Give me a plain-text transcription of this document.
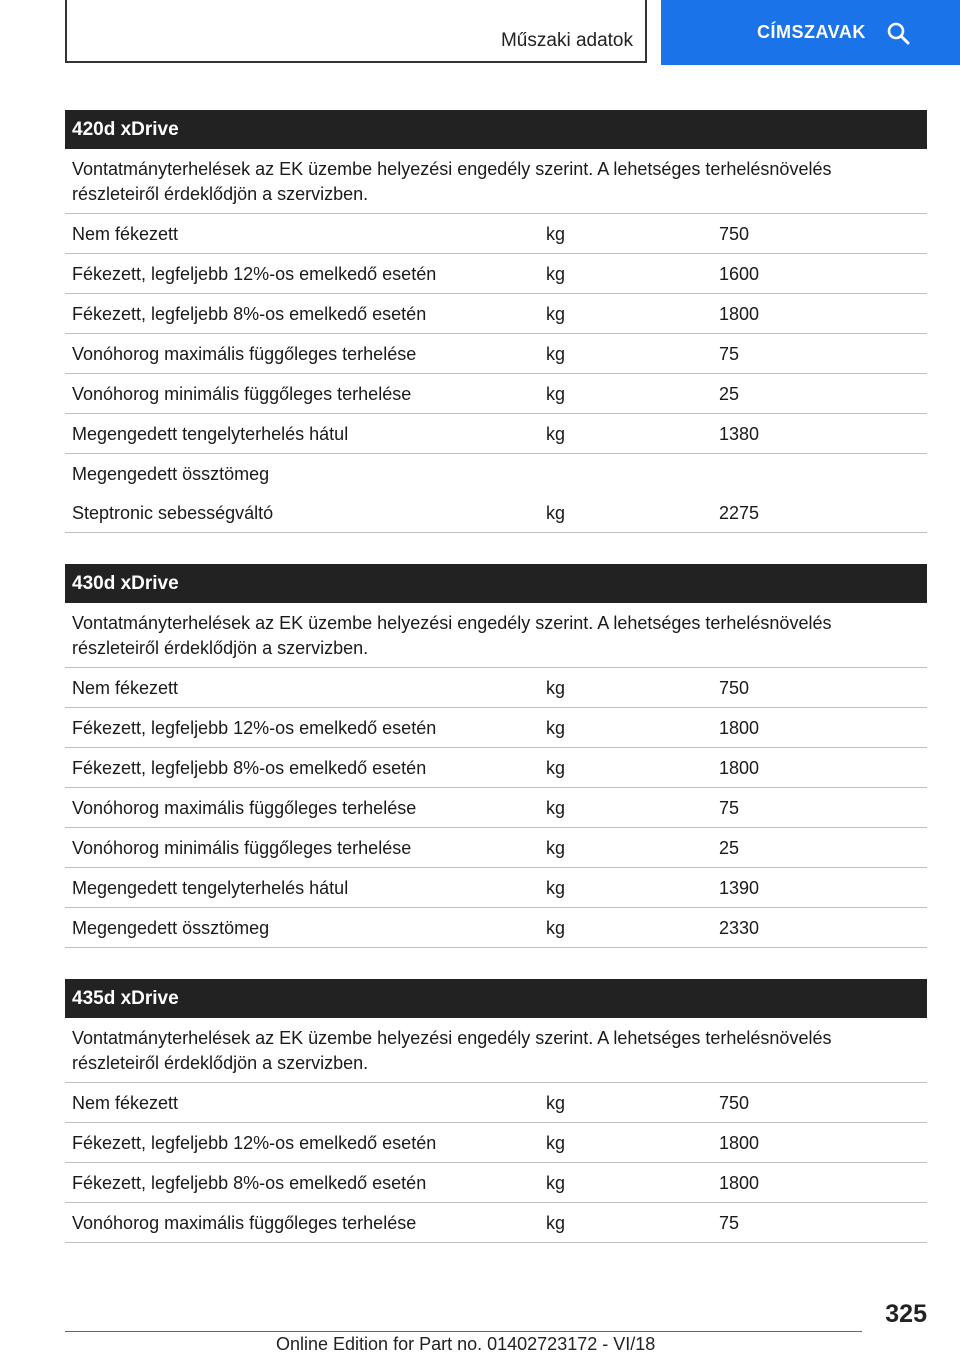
Műszaki adatok	CÍMSZAVAK
420d xDrive
Vontatmányterhelések az EK üzembe helyezési engedély szerint. A lehetséges terhelésnövelés részleteiről érdeklődjön a szervizben.
Nem fékezett	kg	750
Fékezett, legfeljebb 12%-os emelkedő esetén	kg	1600
Fékezett, legfeljebb 8%-os emelkedő esetén	kg	1800
Vonóhorog maximális függőleges terhelése	kg	75
Vonóhorog minimális függőleges terhelése	kg	25
Megengedett tengelyterhelés hátul	kg	1380
Megengedett össztömeg
Steptronic sebességváltó	kg	2275
430d xDrive
Vontatmányterhelések az EK üzembe helyezési engedély szerint. A lehetséges terhelésnövelés részleteiről érdeklődjön a szervizben.
Nem fékezett	kg	750
Fékezett, legfeljebb 12%-os emelkedő esetén	kg	1800
Fékezett, legfeljebb 8%-os emelkedő esetén	kg	1800
Vonóhorog maximális függőleges terhelése	kg	75
Vonóhorog minimális függőleges terhelése	kg	25
Megengedett tengelyterhelés hátul	kg	1390
Megengedett össztömeg	kg	2330
435d xDrive
Vontatmányterhelések az EK üzembe helyezési engedély szerint. A lehetséges terhelésnövelés részleteiről érdeklődjön a szervizben.
Nem fékezett	kg	750
Fékezett, legfeljebb 12%-os emelkedő esetén	kg	1800
Fékezett, legfeljebb 8%-os emelkedő esetén	kg	1800
Vonóhorog maximális függőleges terhelése	kg	75
325
Online Edition for Part no. 01402723172 - VI/18
